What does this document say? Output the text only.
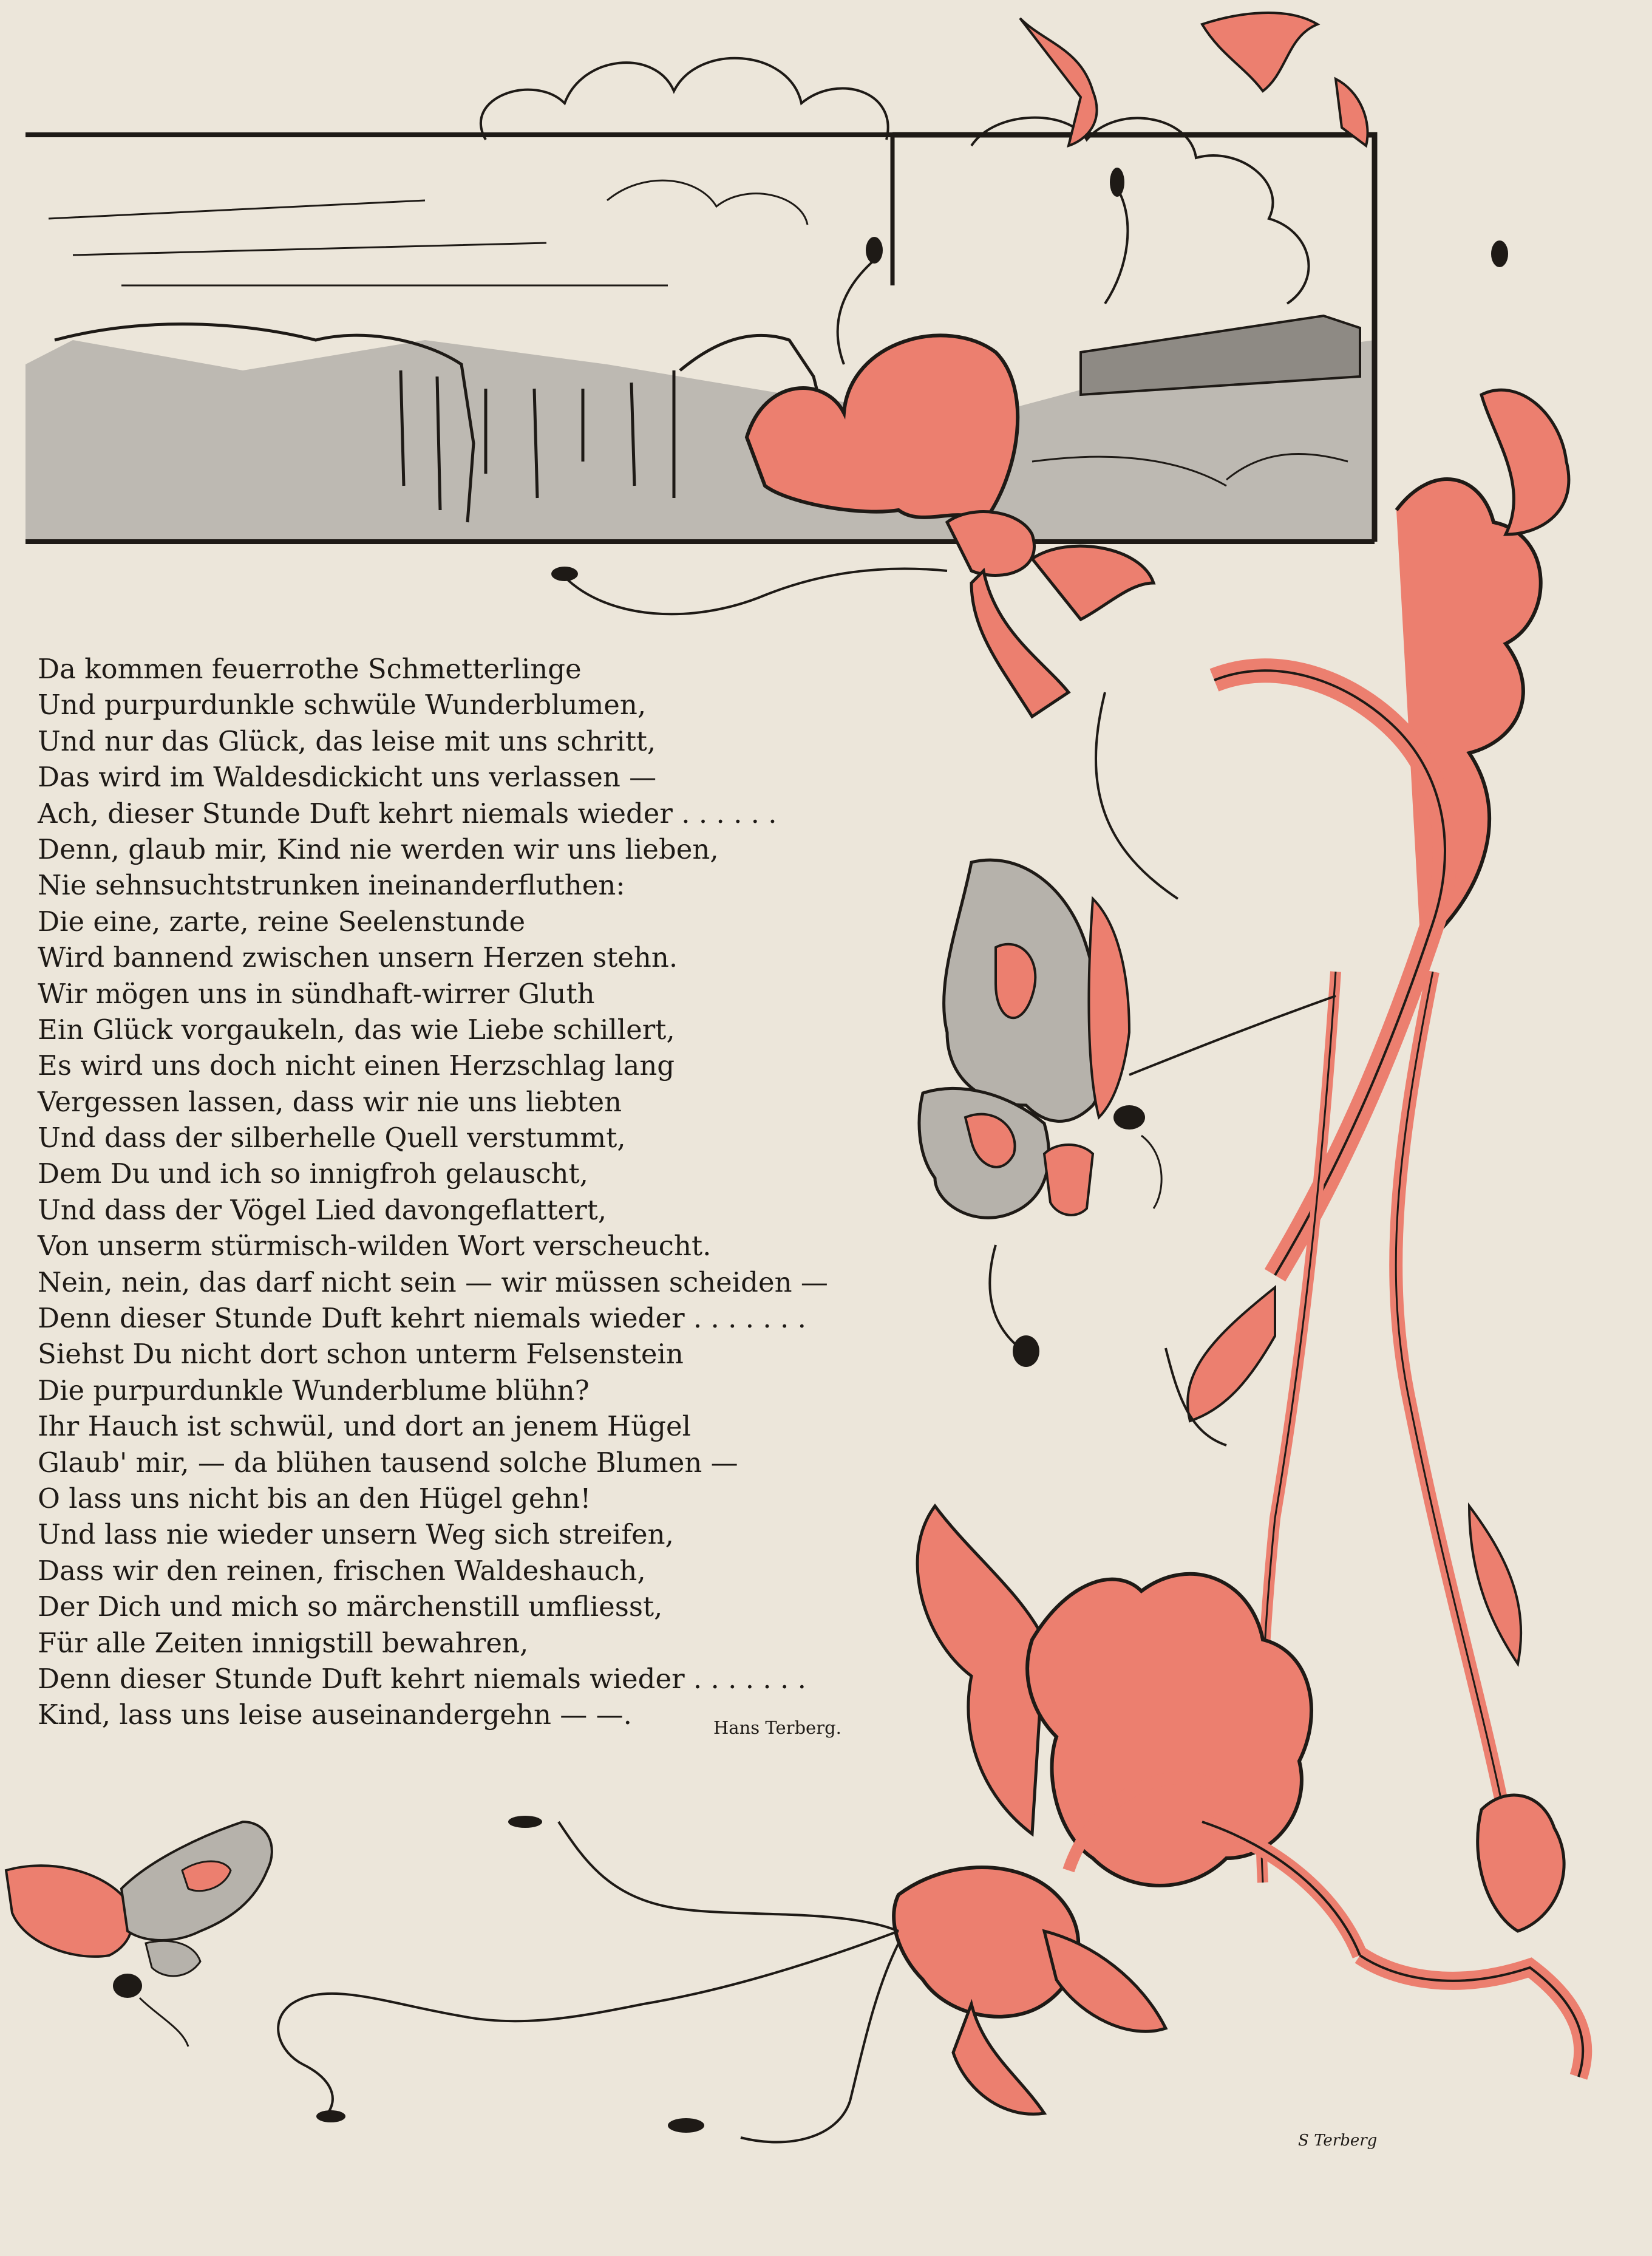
Da kommen feuerrothe Schmetterlinge
Und purpurdunkle schwüle Wunderblumen,
Und nur das Glück, das leise mit uns schritt,
Das wird im Waldesdickicht uns verlassen —
Ach, dieser Stunde Duft kehrt niemals wieder . . . . . .
Denn, glaub mir, Kind nie werden wir uns lieben,
Nie sehnsuchtstrunken ineinanderfluthen:
Die eine, zarte, reine Seelenstunde
Wird bannend zwischen unsern Herzen stehn.
Wir mögen uns in sündhaft-wirrer Gluth
Ein Glück vorgaukeln, das wie Liebe schillert,
Es wird uns doch nicht einen Herzschlag lang
Vergessen lassen, dass wir nie uns liebten
Und dass der silberhelle Quell verstummt,
Dem Du und ich so innigfroh gelauscht,
Und dass der Vögel Lied davongeflattert,
Von unserm stürmisch-wilden Wort verscheucht.
Nein, nein, das darf nicht sein — wir müssen scheiden —
Denn dieser Stunde Duft kehrt niemals wieder . . . . . . .
Siehst Du nicht dort schon unterm Felsenstein
Die purpurdunkle Wunderblume blühn?
Ihr Hauch ist schwül, und dort an jenem Hügel
Glaub' mir, — da blühen tausend solche Blumen —
O lass uns nicht bis an den Hügel gehn!
Und lass nie wieder unsern Weg sich streifen,
Dass wir den reinen, frischen Waldeshauch,
Der Dich und mich so märchenstill umfliesst,
Für alle Zeiten innigstill bewahren,
Denn dieser Stunde Duft kehrt niemals wieder . . . . . . .
Kind, lass uns leise auseinandergehn — —.	Hans Terberg.
S Terberg
